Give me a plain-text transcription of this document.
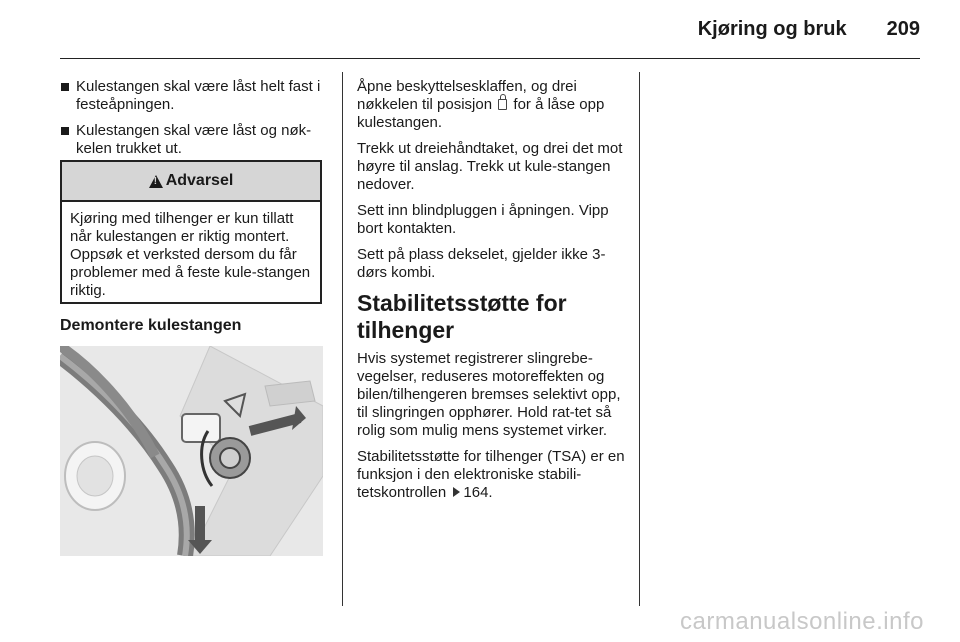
Kjøring og bruk 209
Kulestangen skal være låst helt fast i festeåpningen.
Kulestangen skal være låst og nøk-kelen trukket ut.
!
Advarsel
Kjøring med tilhenger er kun tillatt når kulestangen er riktig montert. Oppsøk et verksted dersom du får problemer med å feste kule-stangen riktig.
Demontere kulestangen

Åpne beskyttelsesklaffen, og drei nøkkelen til posisjon  for å låse opp kulestangen.

Trekk ut dreiehåndtaket, og drei det mot høyre til anslag. Trekk ut kule-stangen nedover.

Sett inn blindpluggen i åpningen. Vipp bort kontakten.

Sett på plass dekselet, gjelder ikke 3-dørs kombi.

Stabilitetsstøtte for tilhenger

Hvis systemet registrerer slingrebe-vegelser, reduseres motoreffekten og bilen/tilhengeren bremses selektivt opp, til slingringen opphører. Hold rat-tet så rolig som mulig mens systemet virker.

Stabilitetsstøtte for tilhenger (TSA) er en funksjon i den elektroniske stabili-tetskontrollen 164.

carmanualsonline.info
